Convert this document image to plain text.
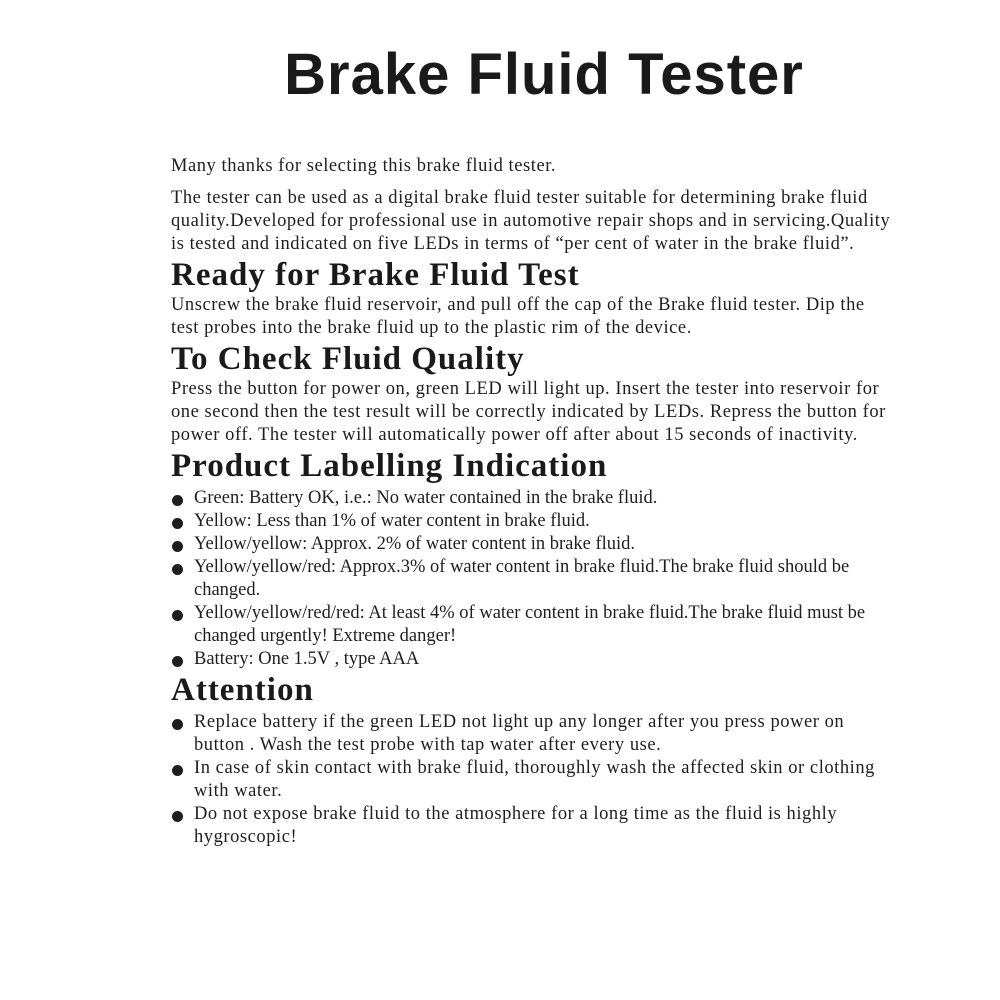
Brake Fluid Tester

Many thanks for selecting this brake fluid tester.

The tester can be used as a digital brake fluid tester suitable for determining brake fluid quality.Developed for professional use in automotive repair shops and in servicing.Quality is tested and indicated on five LEDs in terms of “per cent of water in the brake fluid”.

Ready for Brake Fluid Test

Unscrew the brake fluid reservoir, and pull off the cap of the Brake fluid tester. Dip the test probes into the brake fluid up to the plastic rim of the device.

To Check Fluid Quality

Press the button for power on, green LED will light up. Insert the tester into reservoir for one second then the test result will be correctly indicated by LEDs. Repress the button for power off. The tester will automatically power off after about 15 seconds of inactivity.

Product Labelling Indication
Green: Battery OK, i.e.: No water contained in the brake fluid.
Yellow: Less than 1% of water content in brake fluid.
Yellow/yellow: Approx. 2% of water content in brake fluid.
Yellow/yellow/red: Approx.3% of water content in brake fluid.The brake fluid should be changed.
Yellow/yellow/red/red: At least 4% of water content in brake fluid.The brake fluid must be changed urgently! Extreme danger!
Battery: One 1.5V , type AAA
Attention
Replace battery if the green LED not light up any longer after you press power on button . Wash the test probe with tap water after every use.
In case of skin contact with brake fluid, thoroughly wash the affected skin or clothing with water.
Do not expose brake fluid to the atmosphere for a long time as the fluid is highly hygroscopic!
